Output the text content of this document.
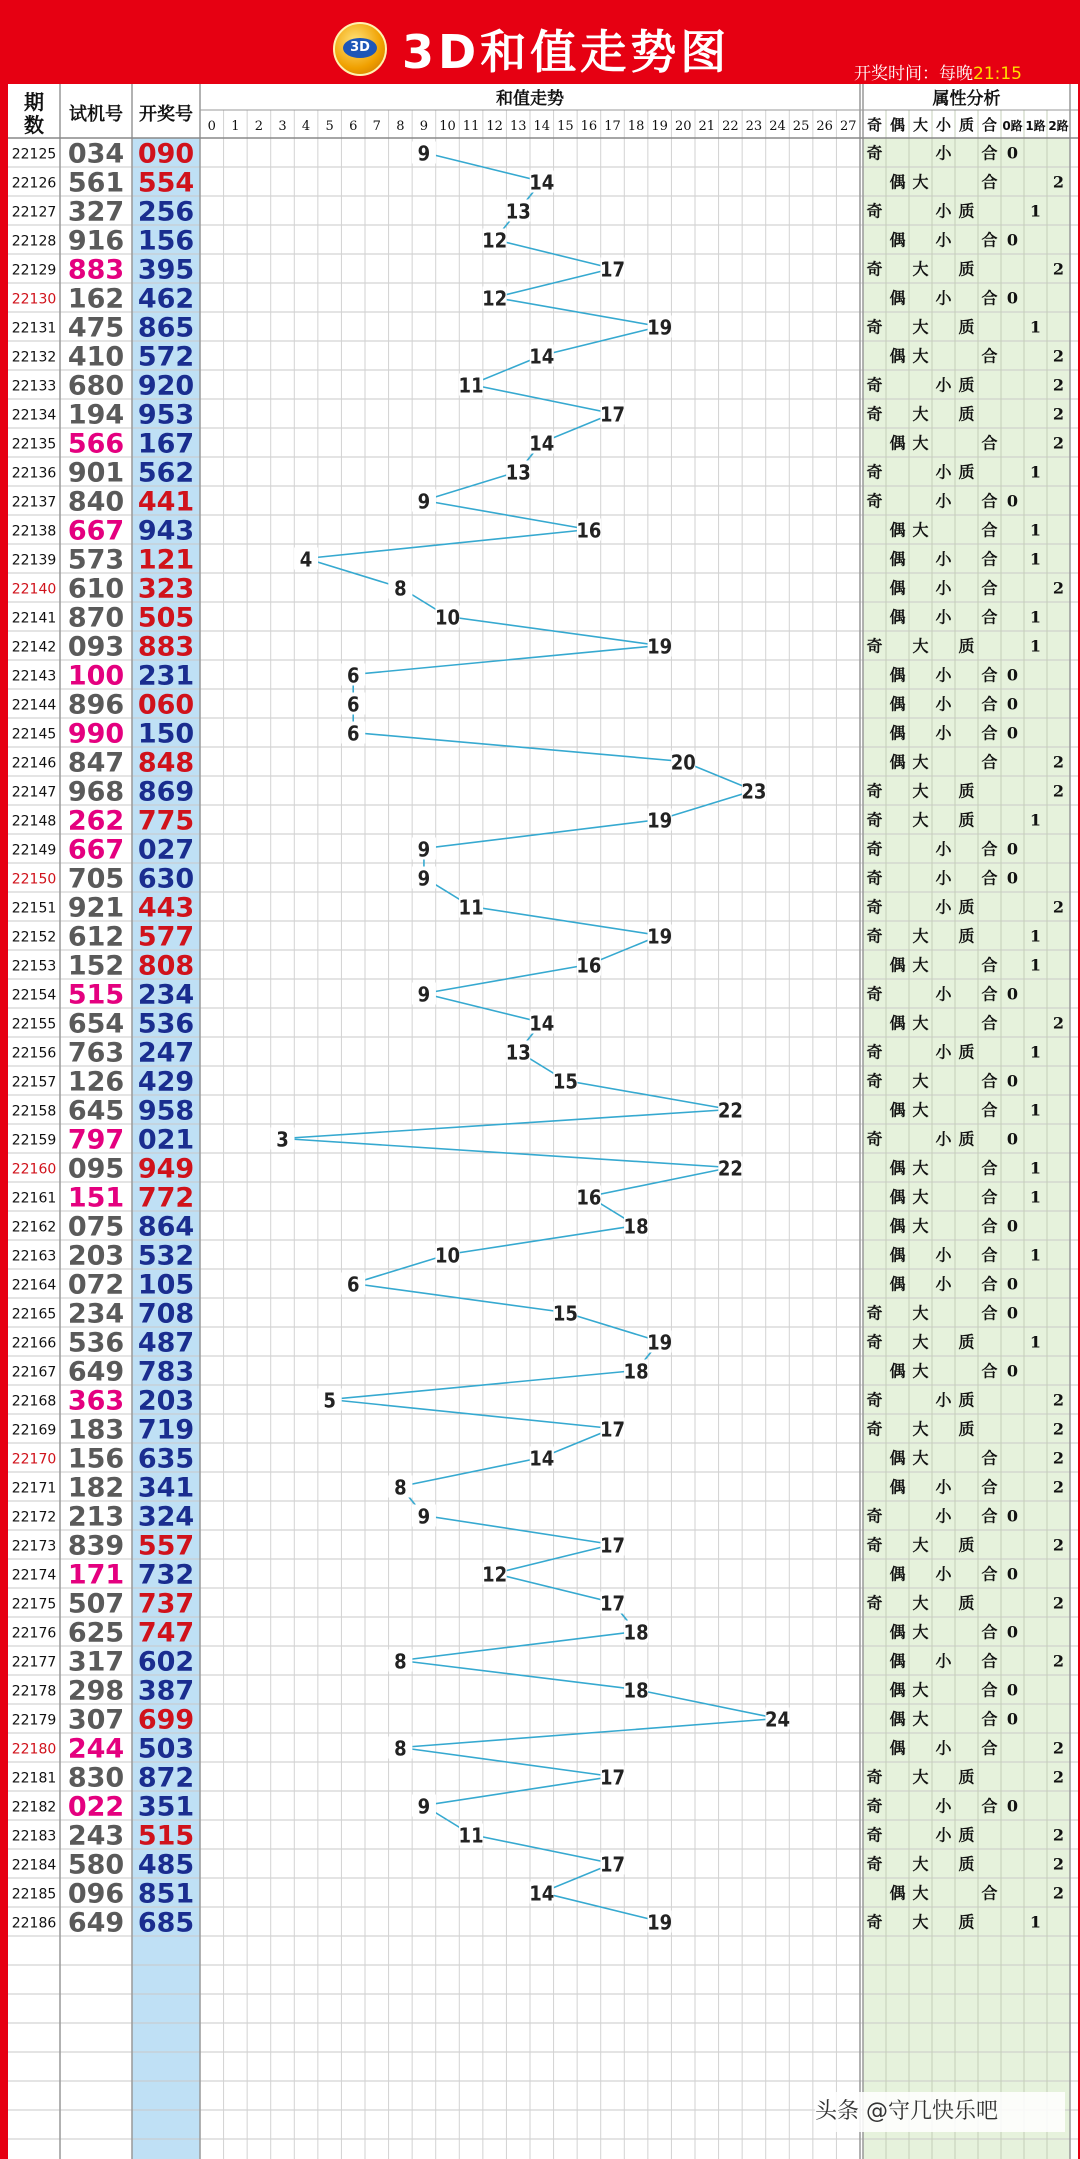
3D 3D和值走势图	开奖时间：每晚21:15
期
数 试机号 开奖号
和值走势	属性分析
0 1 2 3 4 5 6 7 8 9 10 11 12 13 14 15 16 17 18 19 20 21 22 23 24 25 26 27 奇 偶 大 小 质 合 0路 1路 2路
22125 034 090	9	奇	小 合 0
22126 561 554	14	偶 大	合	2
22127 327 256	13	奇	小 质	1
22128 916 156	12	偶 小 合 0
22129 883 395	17	奇 大 质	2
22130 162 462	12	偶 小 合 0
22131 475 865	19	奇 大 质	1
22132 410 572	14	偶 大	合	2
22133 680 920	11	奇	小 质	2
22134 194 953	17	奇 大 质	2
22135 566 167	14	偶 大	合	2
22136 901 562	13	奇	小 质	1
22137 840 441	9	奇	小 合 0
22138 667 943	16	偶 大	合 1
22139 573 121	4	偶 小 合 1
22140 610 323	8	偶 小 合	2
22141 870 505	10	偶 小 合 1
22142 093 883	19	奇 大 质	1
22143 100 231	6	偶 小 合 0
22144 896 060	6	偶 小 合 0
22145 990 150	6	偶 小 合 0
22146 847 848	20	偶 大	合	2
22147 968 869	23	奇 大 质	2
22148 262 775	19	奇 大 质	1
22149 667 027	9	奇	小 合 0
22150 705 630	9	奇	小 合 0
22151 921 443	11	奇	小 质	2
22152 612 577	19	奇 大 质	1
22153 152 808	16	偶 大	合 1
22154 515 234	9	奇	小 合 0
22155 654 536	14	偶 大	合	2
22156 763 247	13	奇	小 质	1
22157 126 429	15	奇 大	合 0
22158 645 958	22	偶 大	合 1
22159 797 021	3	奇	小 质 0
22160 095 949	22	偶 大	合 1
22161 151 772	16	偶 大	合 1
22162 075 864	18	偶 大	合 0
22163 203 532	10	偶 小 合 1
22164 072 105	6	偶 小 合 0
22165 234 708	15	奇 大	合 0
22166 536 487	19	奇 大 质	1
22167 649 783	18	偶 大	合 0
22168 363 203	5	奇	小 质	2
22169 183 719	17	奇 大 质	2
22170 156 635	14	偶 大	合	2
22171 182 341	8	偶 小 合	2
22172 213 324	9	奇	小 合 0
22173 839 557	17	奇 大 质	2
22174 171 732	12	偶 小 合 0
22175 507 737	17	奇 大 质	2
22176 625 747	18	偶 大	合 0
22177 317 602	8	偶 小 合	2
22178 298 387	18	偶 大	合 0
22179 307 699	24	偶 大	合 0
22180 244 503	8	偶 小 合	2
22181 830 872	17	奇 大 质	2
22182 022 351	9	奇	小 合 0
22183 243 515	11	奇	小 质	2
22184 580 485	17	奇 大 质	2
22185 096 851	14	偶 大	合	2
22186 649 685	19	奇 大 质	1
头条 @守几快乐吧
